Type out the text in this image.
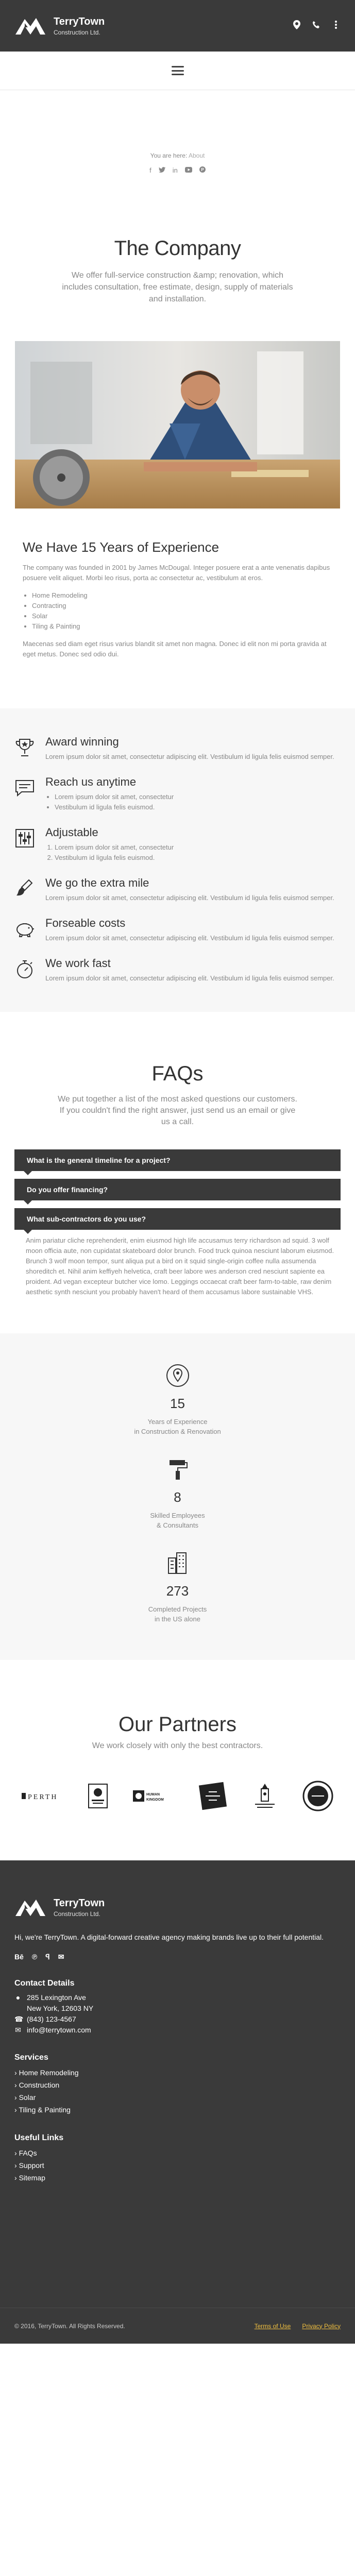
TerryTown
Construction Ltd.
You are here: About
f	in	P
The Company

We offer full-service construction &amp; renovation, which includes consultation, free estimate, design, supply of materials and installation.

We Have 15 Years of Experience

The company was founded in 2001 by James McDougal. Integer posuere erat a ante venenatis dapibus posuere velit aliquet. Morbi leo risus, porta ac consectetur ac, vestibulum at eros.

• Home Remodeling
• Contracting
• Solar
• Tiling & Painting

Maecenas sed diam eget risus varius blandit sit amet non magna. Donec id elit non mi porta gravida at eget metus. Donec sed odio dui.

Award winning

Lorem ipsum dolor sit amet, consectetur adipiscing elit. Vestibulum id ligula felis euismod semper.

Reach us anytime
• Lorem ipsum dolor sit amet, consectetur
• Vestibulum id ligula felis euismod.
Adjustable
1. Lorem ipsum dolor sit amet, consectetur
2. Vestibulum id ligula felis euismod.
We go the extra mile

Lorem ipsum dolor sit amet, consectetur adipiscing elit. Vestibulum id ligula felis euismod semper.

Forseable costs

Lorem ipsum dolor sit amet, consectetur adipiscing elit. Vestibulum id ligula felis euismod semper.

We work fast

Lorem ipsum dolor sit amet, consectetur adipiscing elit. Vestibulum id ligula felis euismod semper.

FAQs

We put together a list of the most asked questions our customers. If you couldn't find the right answer, just send us an email or give us a call.

What is the general timeline for a project?
Do you offer financing?
What sub-contractors do you use?

Anim pariatur cliche reprehenderit, enim eiusmod high life accusamus terry richardson ad squid. 3 wolf moon officia aute, non cupidatat skateboard dolor brunch. Food truck quinoa nesciunt laborum eiusmod. Brunch 3 wolf moon tempor, sunt aliqua put a bird on it squid single-origin coffee nulla assumenda shoreditch et. Nihil anim keffiyeh helvetica, craft beer labore wes anderson cred nesciunt sapiente ea proident. Ad vegan excepteur butcher vice lomo. Leggings occaecat craft beer farm-to-table, raw denim aesthetic synth nesciunt you probably haven't heard of them accusamus labore sustainable VHS.

15
Years of Experience
in Construction & Renovation
8
Skilled Employees
& Consultants
273
Completed Projects
in the US alone
Our Partners

We work closely with only the best contractors.

PERTH	HUMAN
KINGDOM
TerryTown
Construction Ltd.

Hi, we're TerryTown. A digital-forward creative agency making brands live up to their full potential.

Bē ℗ ꟼ ✉
Contact Details
● 285 Lexington Ave
New York, 12603 NY
☎ (843) 123-4567
✉ info@terrytown.com
Services
› Home Remodeling
› Construction
› Solar
› Tiling & Painting
Useful Links
› FAQs
› Support
› Sitemap
© 2016, TerryTown. All Rights Reserved.	Terms of Use Privacy Policy
